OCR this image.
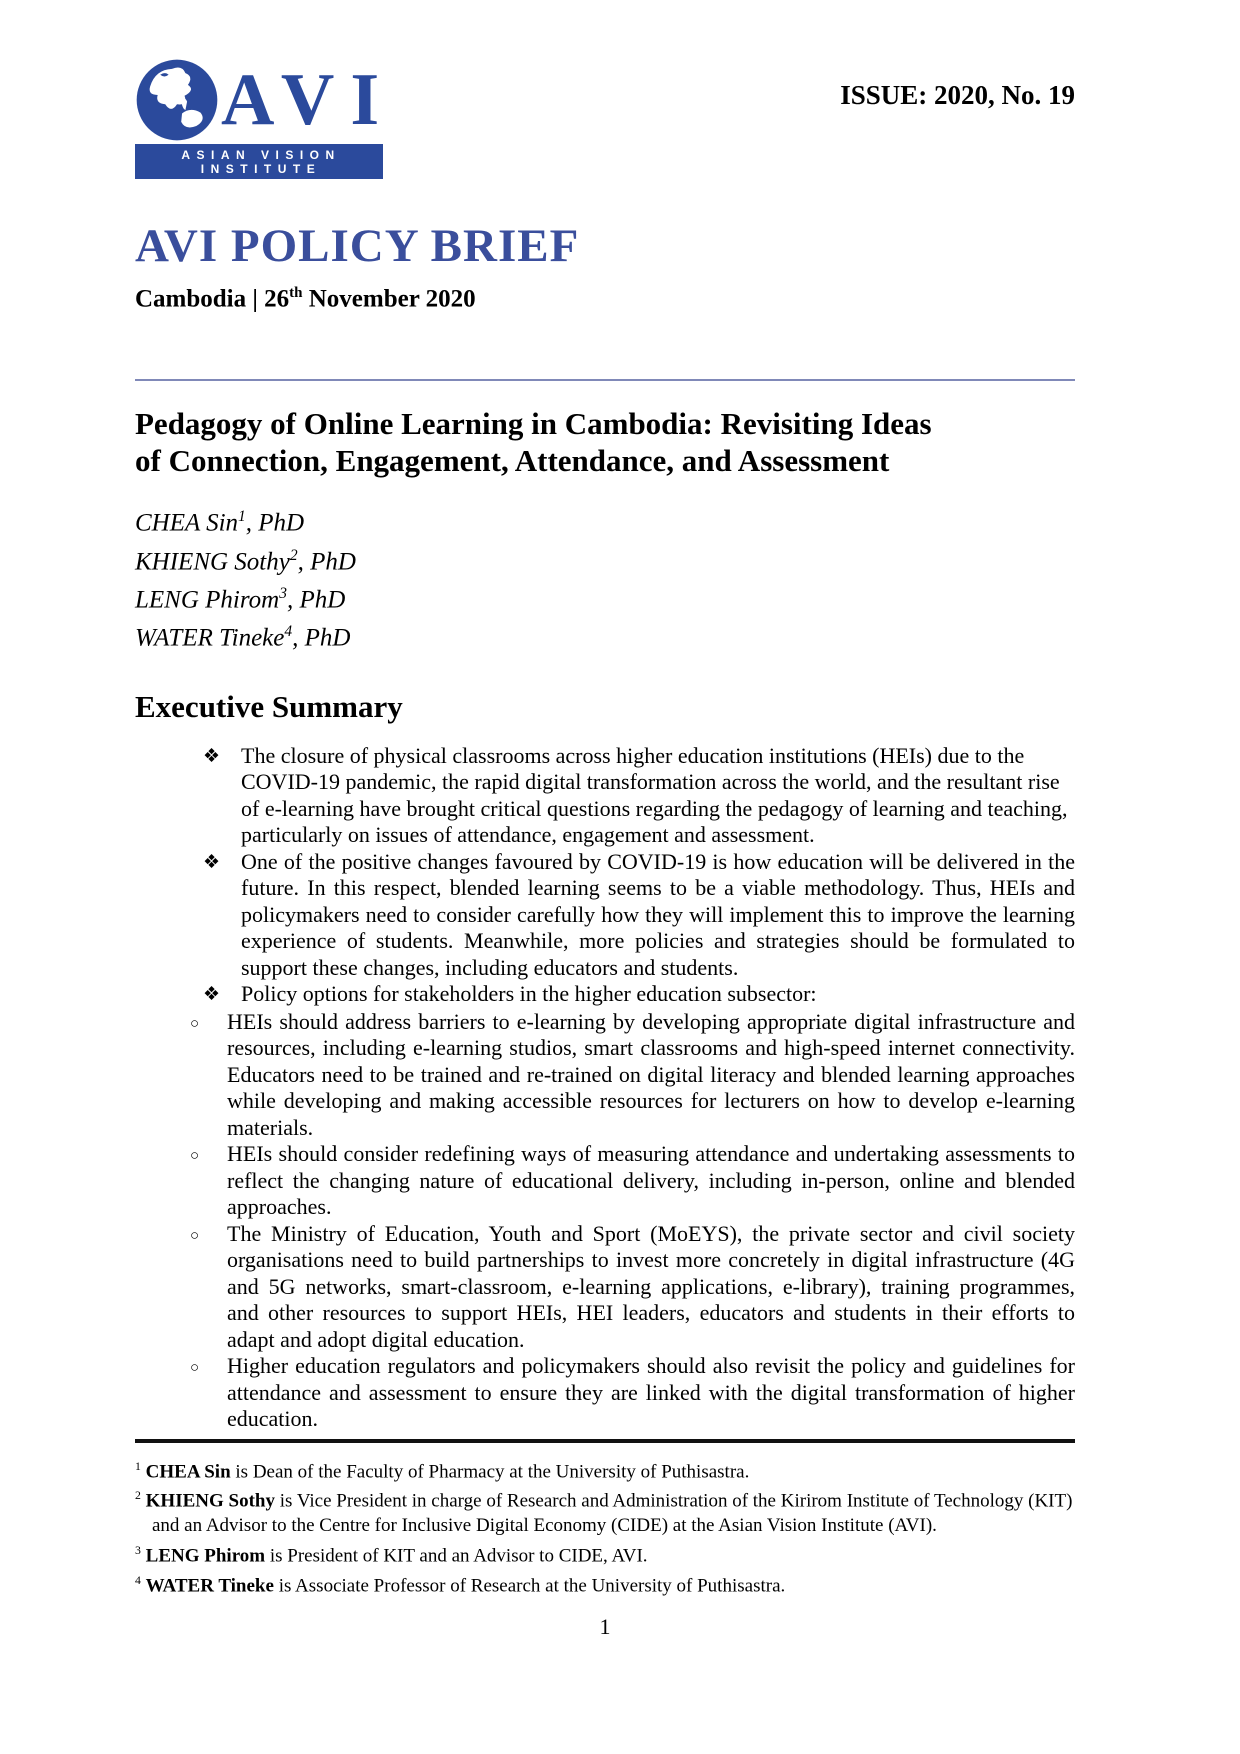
AVI
ASIAN VISION INSTITUTE
ISSUE: 2020, No. 19
AVI POLICY BRIEF
Cambodia | 26th November 2020
Pedagogy of Online Learning in Cambodia: Revisiting Ideas
of Connection, Engagement, Attendance, and Assessment
CHEA Sin$^1$, PhD
KHIENG Sothy$^2$, PhD
LENG Phirom$^3$, PhD
WATER Tineke$^4$, PhD
Executive Summary
❖ The closure of physical classrooms across higher education institutions (HEIs) due to the COVID-19 pandemic, the rapid digital transformation across the world, and the resultant rise of e-learning have brought critical questions regarding the pedagogy of learning and teaching, particularly on issues of attendance, engagement and assessment.
❖ One of the positive changes favoured by COVID-19 is how education will be delivered in the future. In this respect, blended learning seems to be a viable methodology. Thus, HEIs and policymakers need to consider carefully how they will implement this to improve the learning experience of students. Meanwhile, more policies and strategies should be formulated to support these changes, including educators and students.
❖ Policy options for stakeholders in the higher education subsector:
○	HEIs should address barriers to e-learning by developing appropriate digital infrastructure and resources, including e-learning studios, smart classrooms and high-speed internet connectivity. Educators need to be trained and re-trained on digital literacy and blended learning approaches while developing and making accessible resources for lecturers on how to develop e-learning materials.
○	HEIs should consider redefining ways of measuring attendance and undertaking assessments to reflect the changing nature of educational delivery, including in-person, online and blended approaches.
○	The Ministry of Education, Youth and Sport (MoEYS), the private sector and civil society organisations need to build partnerships to invest more concretely in digital infrastructure (4G and 5G networks, smart-classroom, e-learning applications, e-library), training programmes, and other resources to support HEIs, HEI leaders, educators and students in their efforts to adapt and adopt digital education.
○	Higher education regulators and policymakers should also revisit the policy and guidelines for attendance and assessment to ensure they are linked with the digital transformation of higher education.
$^1$ CHEA Sin is Dean of the Faculty of Pharmacy at the University of Puthisastra.
$^2$ KHIENG Sothy is Vice President in charge of Research and Administration of the Kirirom Institute of Technology (KIT) and an Advisor to the Centre for Inclusive Digital Economy (CIDE) at the Asian Vision Institute (AVI).
$^3$ LENG Phirom is President of KIT and an Advisor to CIDE, AVI.
$^4$ WATER Tineke is Associate Professor of Research at the University of Puthisastra.
1
